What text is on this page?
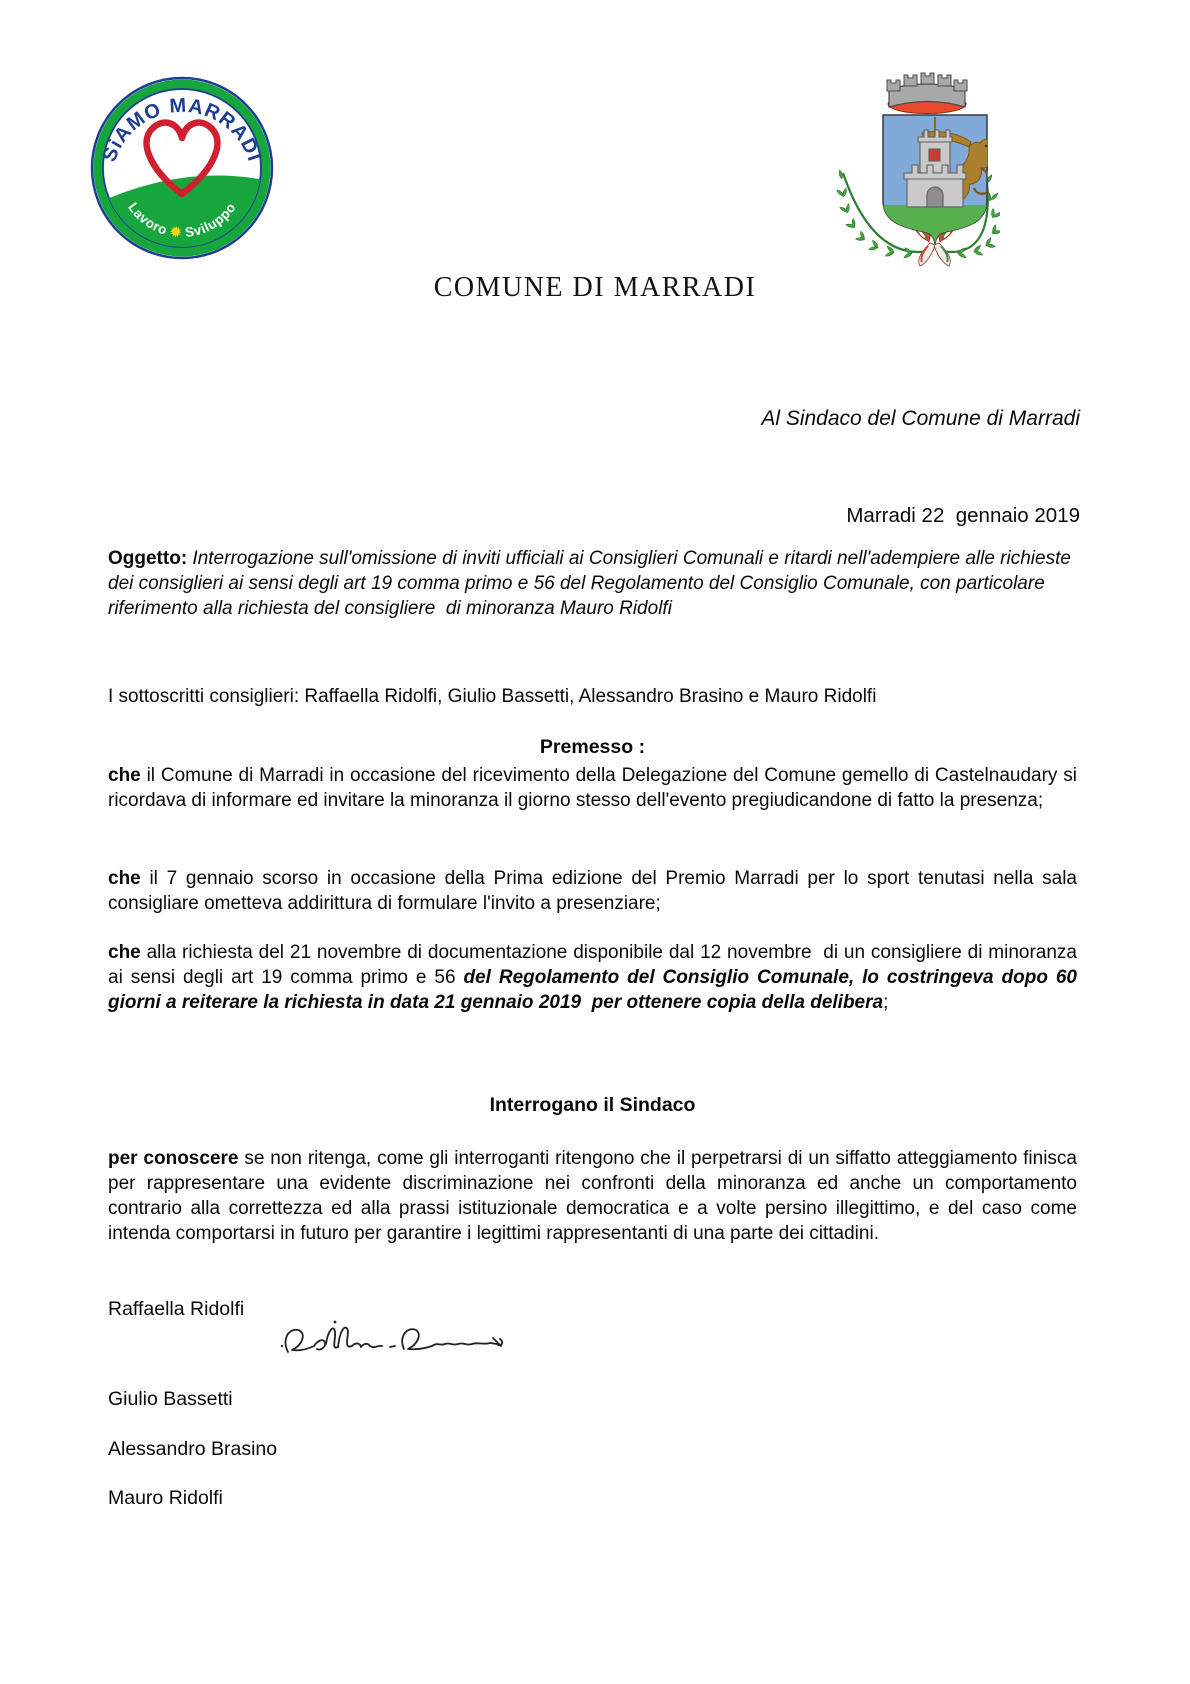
SiAMO MARRADI
Lavoro ✹ Sviluppo
COMUNE DI MARRADI
Al Sindaco del Comune di Marradi
Marradi 22  gennaio 2019

Oggetto: Interrogazione sull'omissione di inviti ufficiali ai Consiglieri Comunali e ritardi nell'adempiere alle richieste dei consiglieri ai sensi degli art 19 comma primo e 56 del Regolamento del Consiglio Comunale, con particolare riferimento alla richiesta del consigliere  di minoranza Mauro Ridolfi

I sottoscritti consiglieri: Raffaella Ridolfi, Giulio Bassetti, Alessandro Brasino e Mauro Ridolfi
Premesso :

che il Comune di Marradi in occasione del ricevimento della Delegazione del Comune gemello di Castelnaudary si ricordava di informare ed invitare la minoranza il giorno stesso dell'evento pregiudicandone di fatto la presenza;

che il 7 gennaio scorso in occasione della Prima edizione del Premio Marradi per lo sport tenutasi nella sala consigliare ometteva addirittura di formulare l'invito a presenziare;

che alla richiesta del 21 novembre di documentazione disponibile dal 12 novembre  di un consigliere di minoranza ai sensi degli art 19 comma primo e 56 del Regolamento del Consiglio Comunale, lo costringeva dopo 60 giorni a reiterare la richiesta in data 21 gennaio 2019  per ottenere copia della delibera;

Interrogano il Sindaco

per conoscere se non ritenga, come gli interroganti ritengono che il perpetrarsi di un siffatto atteggiamento finisca per rappresentare una evidente discriminazione nei confronti della minoranza ed anche un comportamento contrario alla correttezza ed alla prassi istituzionale democratica e a volte persino illegittimo, e del caso come intenda comportarsi in futuro per garantire i legittimi rappresentanti di una parte dei cittadini.

Raffaella Ridolfi
Giulio Bassetti
Alessandro Brasino
Mauro Ridolfi
